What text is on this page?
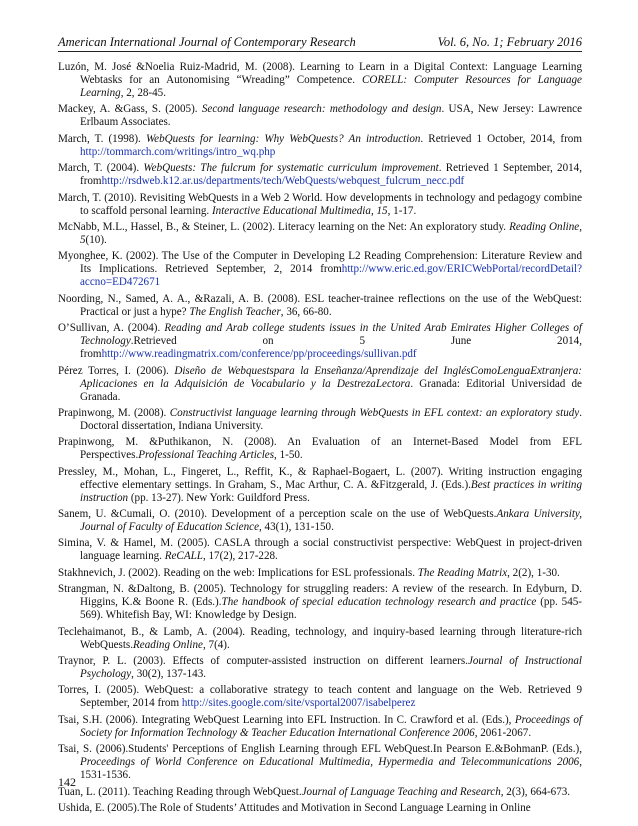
American International Journal of Contemporary Research	Vol. 6, No. 1; February 2016

Luzón, M. José &Noelia Ruiz-Madrid, M. (2008). Learning to Learn in a Digital Context: Language Learning Webtasks for an Autonomising “Wreading” Competence. CORELL: Computer Resources for Language Learning, 2, 28-45.

Mackey, A. &Gass, S. (2005). Second language research: methodology and design. USA, New Jersey: Lawrence Erlbaum Associates.

March, T. (1998). WebQuests for learning: Why WebQuests? An introduction. Retrieved 1 October, 2014, from http://tommarch.com/writings/intro_wq.php

March, T. (2004). WebQuests: The fulcrum for systematic curriculum improvement. Retrieved 1 September, 2014, fromhttp://rsdweb.k12.ar.us/departments/tech/WebQuests/webquest_fulcrum_necc.pdf

March, T. (2010). Revisiting WebQuests in a Web 2 World. How developments in technology and pedagogy combine to scaffold personal learning. Interactive Educational Multimedia, 15, 1-17.

McNabb, M.L., Hassel, B., & Steiner, L. (2002). Literacy learning on the Net: An exploratory study. Reading Online, 5(10).

Myonghee, K. (2002). The Use of the Computer in Developing L2 Reading Comprehension: Literature Review and Its Implications. Retrieved September, 2, 2014 fromhttp://www.eric.ed.gov/ERICWebPortal/recordDetail?accno=ED472671

Noording, N., Samed, A. A., &Razali, A. B. (2008). ESL teacher-trainee reflections on the use of the WebQuest: Practical or just a hype? The English Teacher, 36, 66-80.

O’Sullivan, A. (2004). Reading and Arab college students issues in the United Arab Emirates Higher Colleges of Technology.Retrieved on 5 June 2014, fromhttp://www.readingmatrix.com/conference/pp/proceedings/sullivan.pdf

Pérez Torres, I. (2006). Diseño de Webquestspara la Enseñanza/Aprendizaje del InglésComoLenguaExtranjera: Aplicaciones en la Adquisición de Vocabulario y la DestrezaLectora. Granada: Editorial Universidad de Granada.

Prapinwong, M. (2008). Constructivist language learning through WebQuests in EFL context: an exploratory study. Doctoral dissertation, Indiana University.

Prapinwong, M. &Puthikanon, N. (2008). An Evaluation of an Internet-Based Model from EFL Perspectives.Professional Teaching Articles, 1-50.

Pressley, M., Mohan, L., Fingeret, L., Reffit, K., & Raphael-Bogaert, L. (2007). Writing instruction engaging effective elementary settings. In Graham, S., Mac Arthur, C. A. &Fitzgerald, J. (Eds.).Best practices in writing instruction (pp. 13-27). New York: Guildford Press.

Sanem, U. &Cumali, O. (2010). Development of a perception scale on the use of WebQuests.Ankara University, Journal of Faculty of Education Science, 43(1), 131-150.

Simina, V. & Hamel, M. (2005). CASLA through a social constructivist perspective: WebQuest in project-driven language learning. ReCALL, 17(2), 217-228.

Stakhnevich, J. (2002). Reading on the web: Implications for ESL professionals. The Reading Matrix, 2(2), 1-30.

Strangman, N. &Daltong, B. (2005). Technology for struggling readers: A review of the research. In Edyburn, D. Higgins, K.& Boone R. (Eds.).The handbook of special education technology research and practice (pp. 545-569). Whitefish Bay, WI: Knowledge by Design.

Teclehaimanot, B., & Lamb, A. (2004). Reading, technology, and inquiry-based learning through literature-rich WebQuests.Reading Online, 7(4).

Traynor, P. L. (2003). Effects of computer-assisted instruction on different learners.Journal of Instructional Psychology, 30(2), 137-143.

Torres, I. (2005). WebQuest: a collaborative strategy to teach content and language on the Web. Retrieved 9 September, 2014 from http://sites.google.com/site/vsportal2007/isabelperez

Tsai, S.H. (2006). Integrating WebQuest Learning into EFL Instruction. In C. Crawford et al. (Eds.), Proceedings of Society for Information Technology & Teacher Education International Conference 2006, 2061-2067.

Tsai, S. (2006).Students' Perceptions of English Learning through EFL WebQuest.In Pearson E.&BohmanP. (Eds.), Proceedings of World Conference on Educational Multimedia, Hypermedia and Telecommunications 2006, 1531-1536.

Tuan, L. (2011). Teaching Reading through WebQuest.Journal of Language Teaching and Research, 2(3), 664-673.

Ushida, E. (2005).The Role of Students’ Attitudes and Motivation in Second Language Learning in Online

142
